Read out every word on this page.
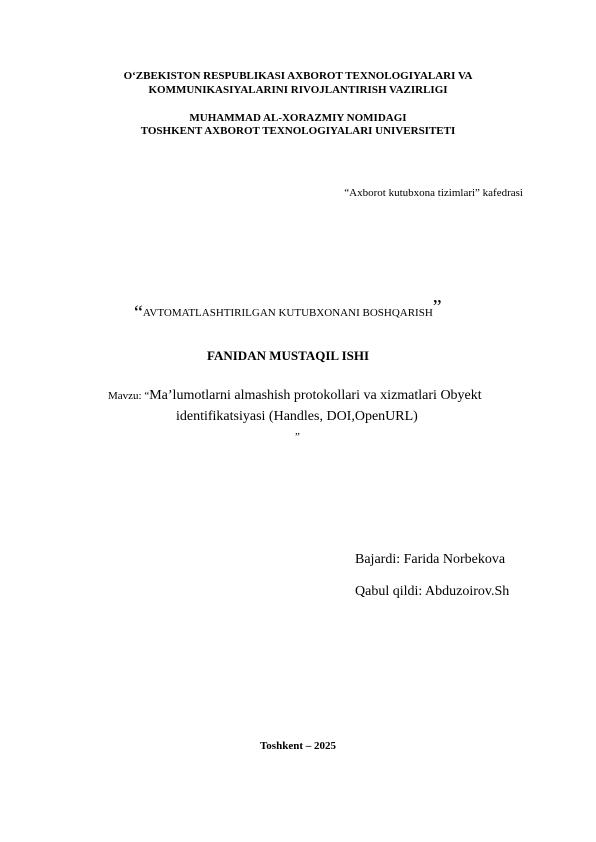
O‘ZBEKISTON RESPUBLIKASI AXBOROT TEXNOLOGIYALARI VA
KOMMUNIKASIYALARINI RIVOJLANTIRISH VAZIRLIGI
MUHAMMAD AL-XORAZMIY NOMIDAGI
TOSHKENT AXBOROT TEXNOLOGIYALARI UNIVERSITETI
“Axborot kutubxona tizimlari” kafedrasi
“AVTOMATLASHTIRILGAN KUTUBXONANI BOSHQARISH”
FANIDAN MUSTAQIL ISHI
Mavzu: “Ma’lumotlarni almashish protokollari va xizmatlari Obyekt
identifikatsiyasi (Handles, DOI,OpenURL)
”
Bajardi: Farida Norbekova
Qabul qildi: Abduzoirov.Sh
Toshkent – 2025
